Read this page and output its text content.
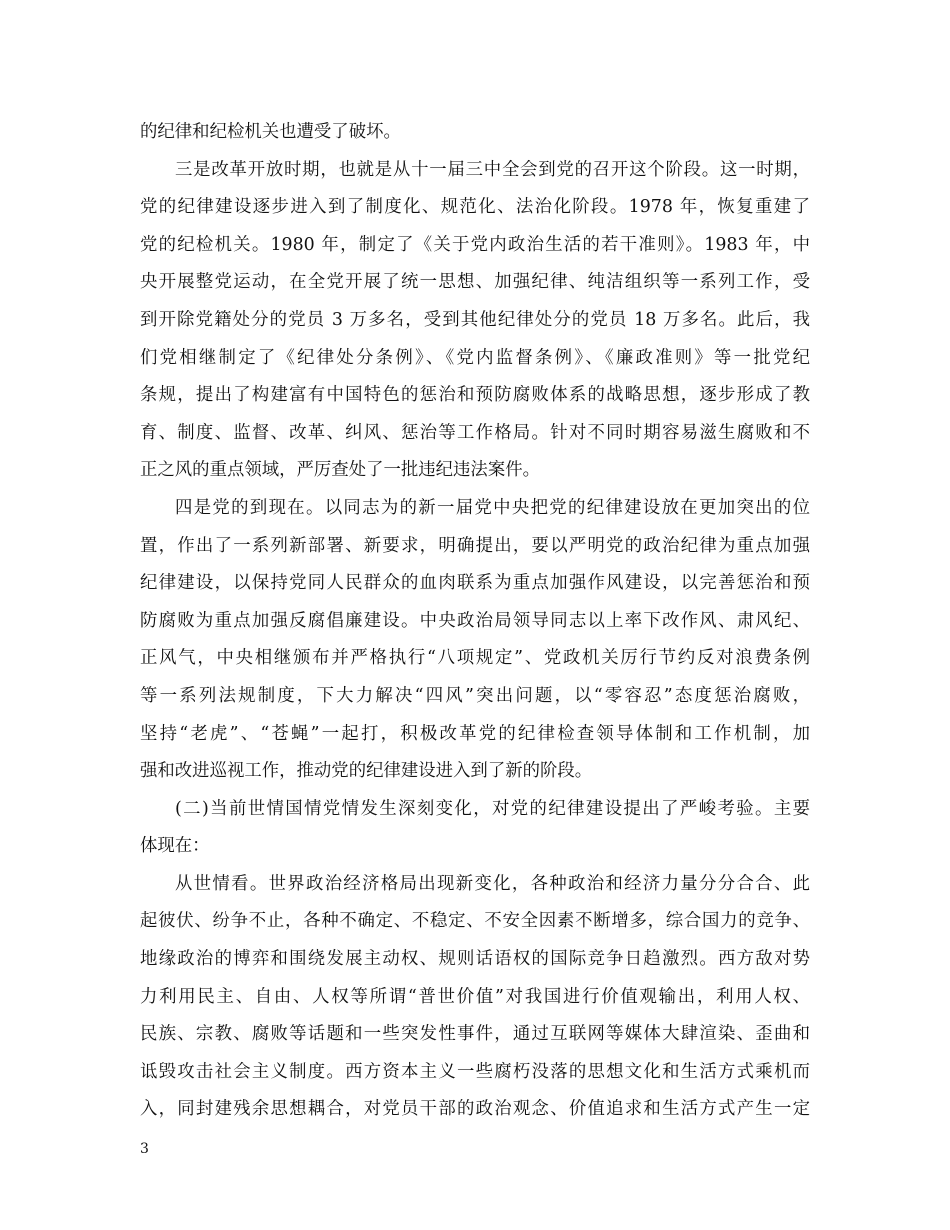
的纪律和纪检机关也遭受了破坏。
三是改革开放时期，也就是从十一届三中全会到党的召开这个阶段。这一时期，
党的纪律建设逐步进入到了制度化、规范化、法治化阶段。1978 年，恢复重建了
党的纪检机关。1980 年，制定了《关于党内政治生活的若干准则》。1983 年，中
央开展整党运动，在全党开展了统一思想、加强纪律、纯洁组织等一系列工作，受
到开除党籍处分的党员 3 万多名，受到其他纪律处分的党员 18 万多名。此后，我
们党相继制定了《纪律处分条例》、《党内监督条例》、《廉政准则》等一批党纪
条规，提出了构建富有中国特色的惩治和预防腐败体系的战略思想，逐步形成了教
育、制度、监督、改革、纠风、惩治等工作格局。针对不同时期容易滋生腐败和不
正之风的重点领域，严厉查处了一批违纪违法案件。
四是党的到现在。以同志为的新一届党中央把党的纪律建设放在更加突出的位
置，作出了一系列新部署、新要求，明确提出，要以严明党的政治纪律为重点加强
纪律建设，以保持党同人民群众的血肉联系为重点加强作风建设，以完善惩治和预
防腐败为重点加强反腐倡廉建设。中央政治局领导同志以上率下改作风、肃风纪、
正风气，中央相继颁布并严格执行“八项规定”、党政机关厉行节约反对浪费条例
等一系列法规制度，下大力解决“四风”突出问题，以“零容忍”态度惩治腐败，
坚持“老虎”、“苍蝇”一起打，积极改革党的纪律检查领导体制和工作机制，加
强和改进巡视工作，推动党的纪律建设进入到了新的阶段。
(二)当前世情国情党情发生深刻变化，对党的纪律建设提出了严峻考验。主要
体现在：
从世情看。世界政治经济格局出现新变化，各种政治和经济力量分分合合、此
起彼伏、纷争不止，各种不确定、不稳定、不安全因素不断增多，综合国力的竞争、
地缘政治的博弈和围绕发展主动权、规则话语权的国际竞争日趋激烈。西方敌对势
力利用民主、自由、人权等所谓“普世价值”对我国进行价值观输出，利用人权、
民族、宗教、腐败等话题和一些突发性事件，通过互联网等媒体大肆渲染、歪曲和
诋毁攻击社会主义制度。西方资本主义一些腐朽没落的思想文化和生活方式乘机而
入，同封建残余思想耦合，对党员干部的政治观念、价值追求和生活方式产生一定
3
